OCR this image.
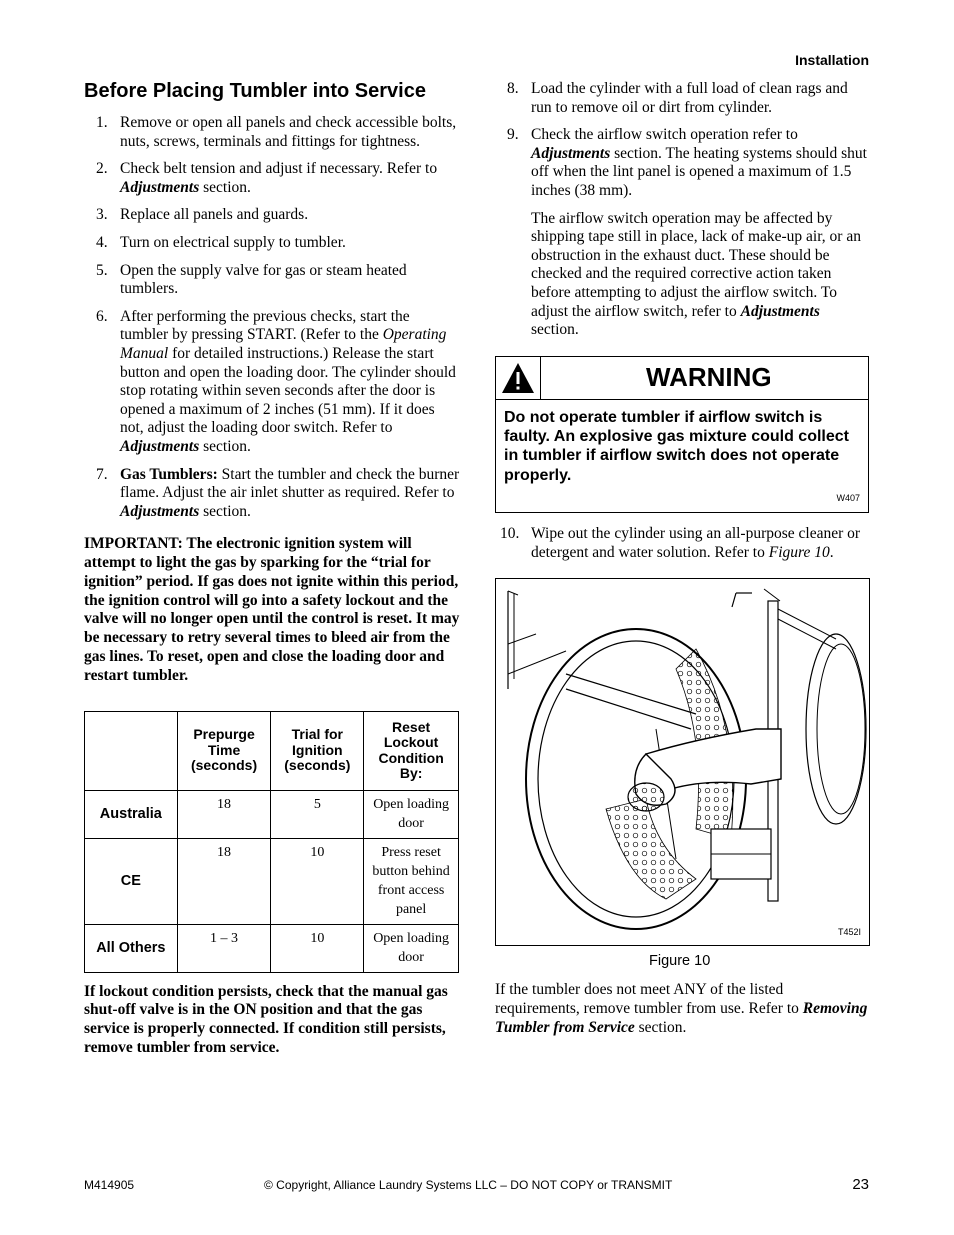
Installation
Before Placing Tumbler into Service
1. Remove or open all panels and check accessible bolts, nuts, screws, terminals and fittings for tightness.
2. Check belt tension and adjust if necessary. Refer to Adjustments section.
3. Replace all panels and guards.
4. Turn on electrical supply to tumbler.
5. Open the supply valve for gas or steam heated tumblers.
6. After performing the previous checks, start the tumbler by pressing START. (Refer to the Operating Manual for detailed instructions.) Release the start button and open the loading door. The cylinder should stop rotating within seven seconds after the door is opened a maximum of 2 inches (51 mm). If it does not, adjust the loading door switch. Refer to Adjustments section.
7. Gas Tumblers: Start the tumbler and check the burner flame. Adjust the air inlet shutter as required. Refer to Adjustments section.

IMPORTANT: The electronic ignition system will attempt to light the gas by sparking for the “trial for ignition” period. If gas does not ignite within this period, the ignition control will go into a safety lockout and the valve will no longer open until the control is reset. It may be necessary to retry several times to bleed air from the gas lines. To reset, open and close the loading door and restart tumbler.

	Prepurge Time (seconds)	Trial for Ignition (seconds)	Reset Lockout Condition By:
Australia	18	5	Open loading door
CE	18	10	Press reset button behind front access panel
All Others	1 – 3	10	Open loading door

If lockout condition persists, check that the manual gas shut-off valve is in the ON position and that the gas service is properly connected. If condition still persists, remove tumbler from service.

8. Load the cylinder with a full load of clean rags and run to remove oil or dirt from cylinder.
9. Check the airflow switch operation refer to Adjustments section. The heating systems should shut off when the lint panel is opened a maximum of 1.5 inches (38 mm).
The airflow switch operation may be affected by shipping tape still in place, lack of make-up air, or an obstruction in the exhaust duct. These should be checked and the required corrective action taken before attempting to adjust the airflow switch. To adjust the airflow switch, refer to Adjustments section.
WARNING
Do not operate tumbler if airflow switch is faulty. An explosive gas mixture could collect in tumbler if airflow switch does not operate properly.
W407
10. Wipe out the cylinder using an all-purpose cleaner or detergent and water solution. Refer to Figure 10.
T452I
Figure 10
If the tumbler does not meet ANY of the listed requirements, remove tumbler from use. Refer to Removing Tumbler from Service section.
M414905	© Copyright, Alliance Laundry Systems LLC – DO NOT COPY or TRANSMIT	23
